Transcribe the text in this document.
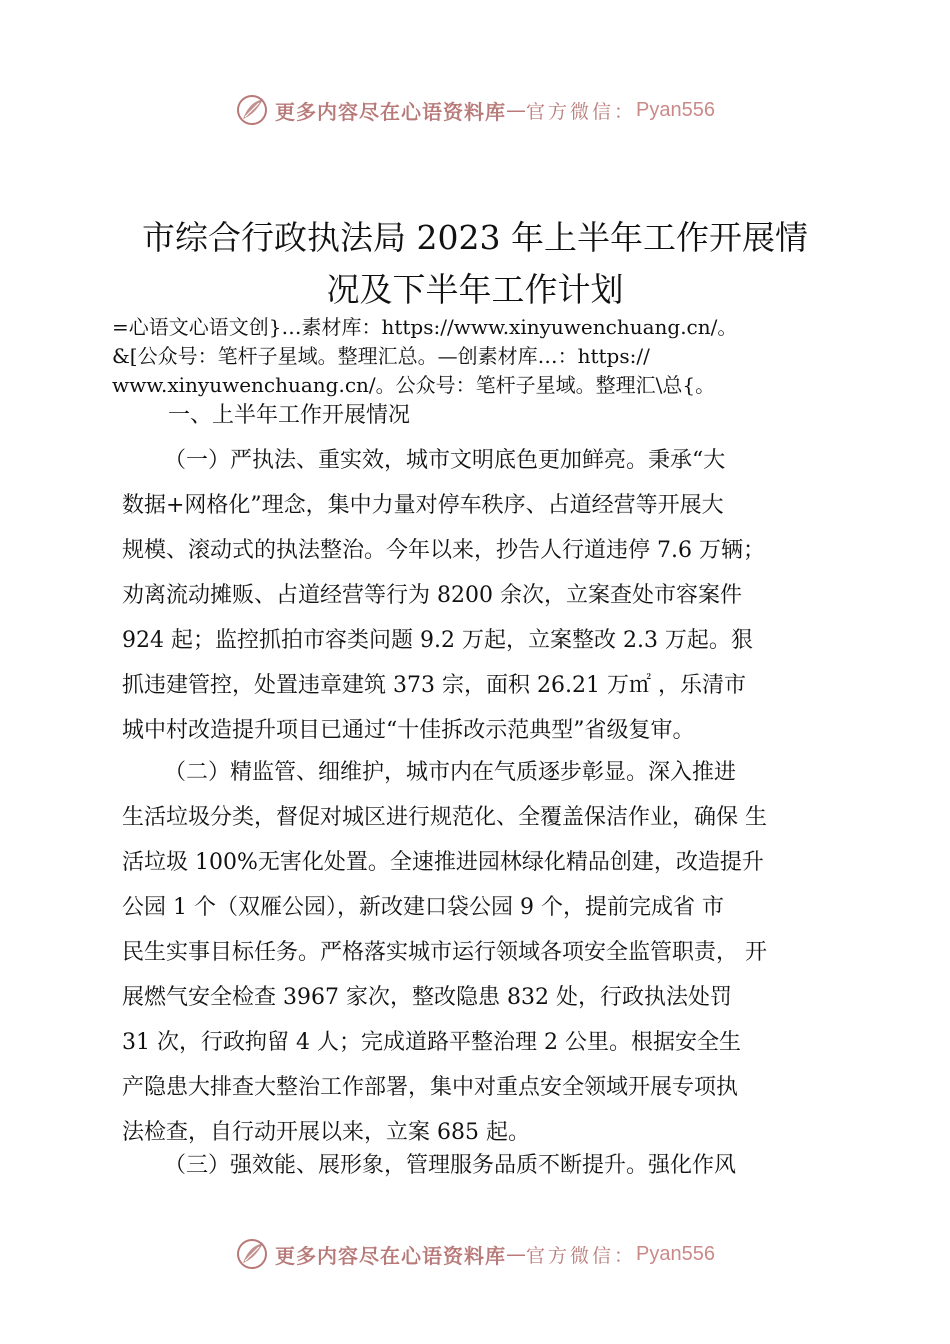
更多内容尽在心语资料库 — 官方微信： Pyan556
市综合行政执法局 2023 年上半年工作开展情
况及下半年工作计划
=心语文心语文创}…素材库：https://www.xinyuwenchuang.cn/。
&[公众号：笔杆子星域。整理汇总。—创素材库…：https://
www.xinyuwenchuang.cn/。公众号：笔杆子星域。整理汇\总{。
一、上半年工作开展情况
（一）严执法、重实效，城市文明底色更加鲜亮。秉承“大
数据+网格化”理念，集中力量对停车秩序、占道经营等开展大
规模、滚动式的执法整治。今年以来，抄告人行道违停 7.6 万辆；
劝离流动摊贩、占道经营等行为 8200 余次，立案查处市容案件
924 起；监控抓拍市容类问题 9.2 万起，立案整改 2.3 万起。狠
抓违建管控，处置违章建筑 373 宗，面积 26.21 万㎡ ，乐清市
城中村改造提升项目已通过“十佳拆改示范典型”省级复审。
（二）精监管、细维护，城市内在气质逐步彰显。深入推进
生活垃圾分类，督促对城区进行规范化、全覆盖保洁作业，确保 生
活垃圾 100%无害化处置。全速推进园林绿化精品创建，改造提升
公园 1 个（双雁公园），新改建口袋公园 9 个，提前完成省 市
民生实事目标任务。严格落实城市运行领域各项安全监管职责， 开
展燃气安全检查 3967 家次，整改隐患 832 处，行政执法处罚
31 次，行政拘留 4 人；完成道路平整治理 2 公里。根据安全生
产隐患大排查大整治工作部署，集中对重点安全领域开展专项执
法检查，自行动开展以来，立案 685 起。
（三）强效能、展形象，管理服务品质不断提升。强化作风
更多内容尽在心语资料库 — 官方微信： Pyan556
